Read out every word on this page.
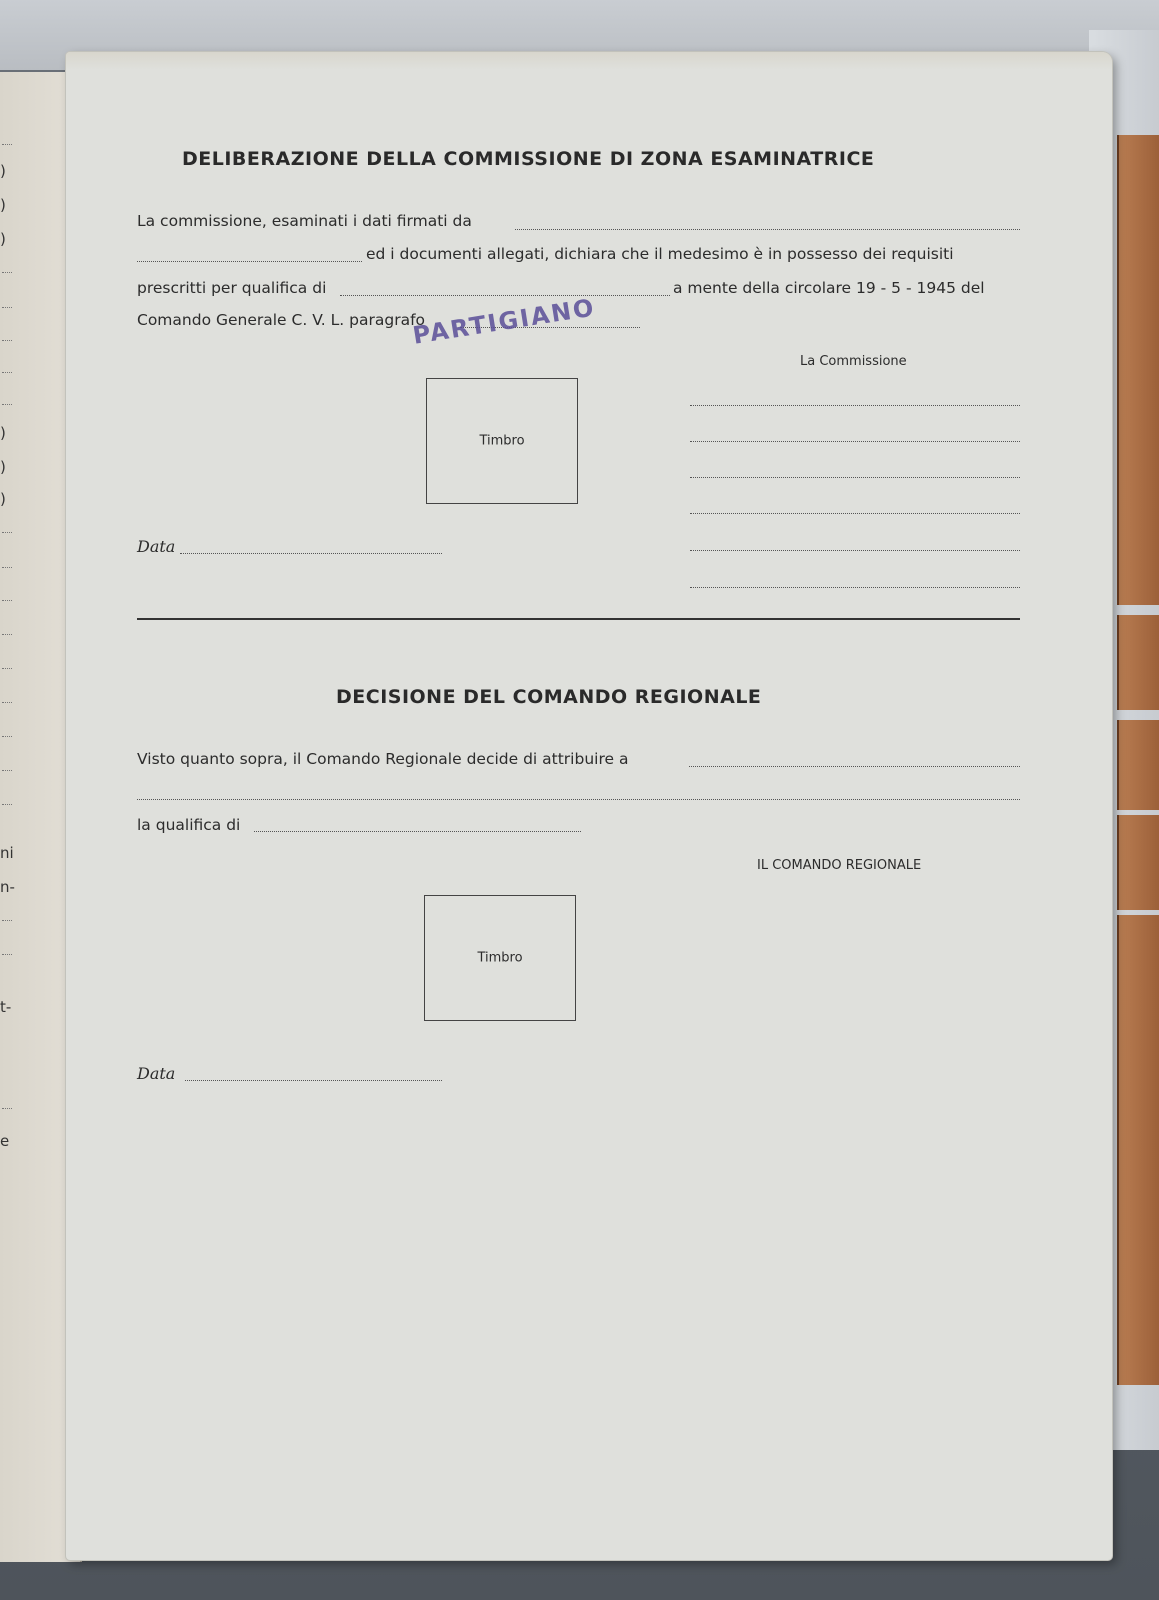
)
)
)
)
)
)
ni
n-
t-
e
DELIBERAZIONE DELLA COMMISSIONE DI ZONA ESAMINATRICE
La commissione, esaminati i dati firmati da
ed i documenti allegati, dichiara che il medesimo è in possesso dei requisiti
prescritti per qualifica di	a mente della circolare 19 - 5 - 1945 del
Comando Generale C. V. L. paragrafo
PARTIGIANO
La Commissione
Timbro
Data
DECISIONE DEL COMANDO REGIONALE
Visto quanto sopra, il Comando Regionale decide di attribuire a
la qualifica di
IL COMANDO REGIONALE
Timbro
Data
